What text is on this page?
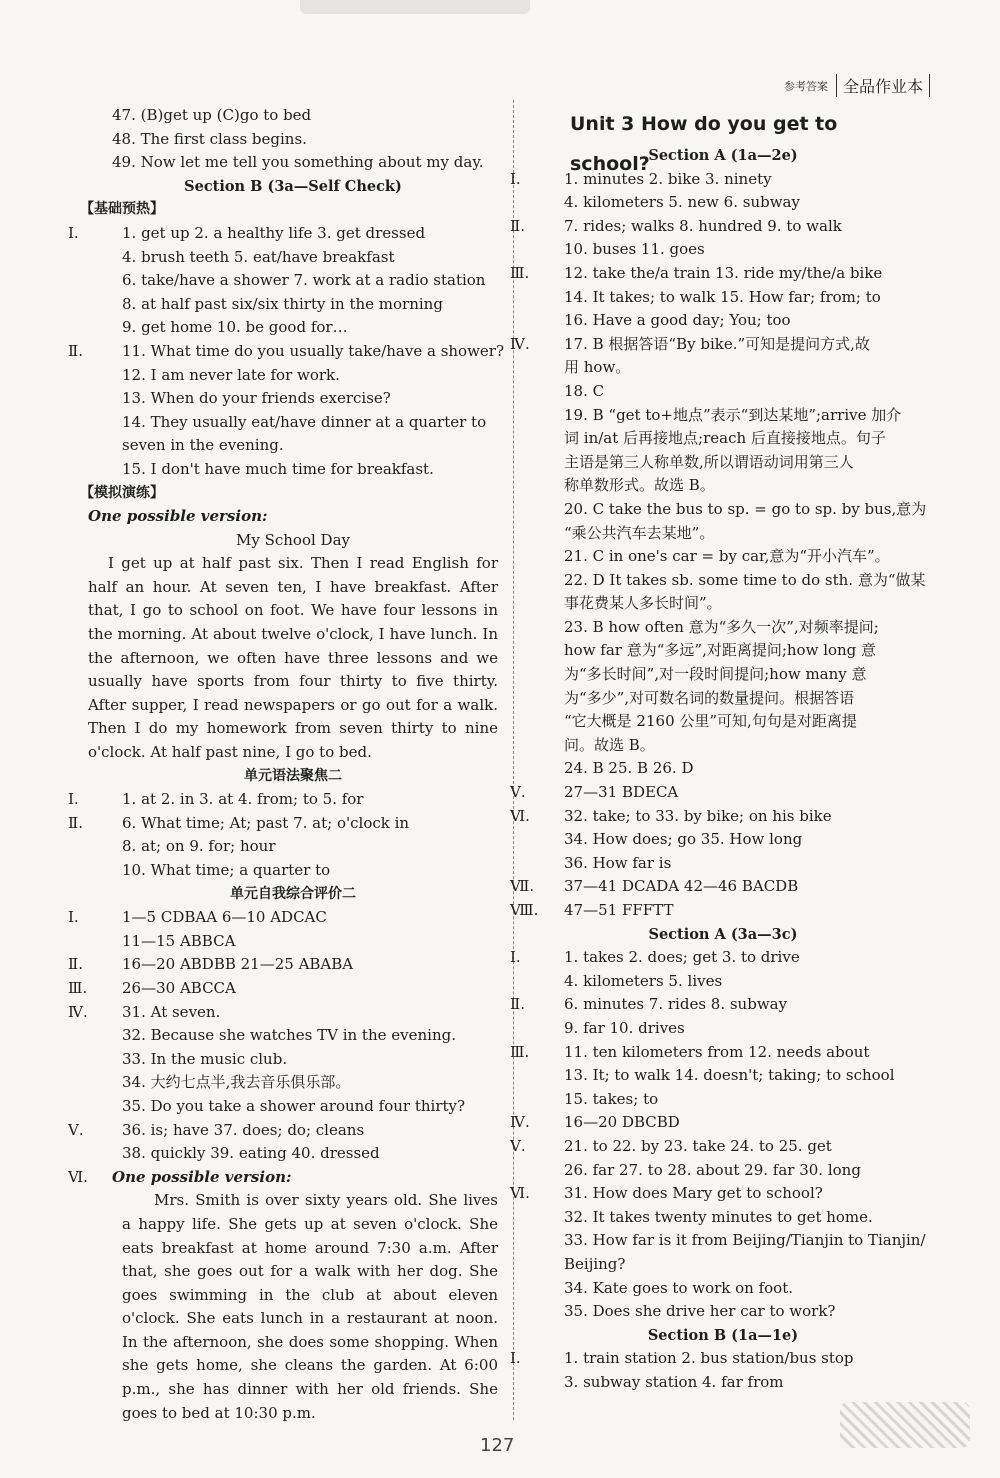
参考答案 全品作业本
47. (B)get up (C)go to bed
48. The first class begins.
49. Now let me tell you something about my day.
Section B (3a—Self Check)
【基础预热】
Ⅰ.	1. get up 2. a healthy life 3. get dressed
4. brush teeth 5. eat/have breakfast
6. take/have a shower 7. work at a radio station
8. at half past six/six thirty in the morning
9. get home 10. be good for…
Ⅱ.	11. What time do you usually take/have a shower?
12. I am never late for work.
13. When do your friends exercise?
14. They usually eat/have dinner at a quarter to
seven in the evening.
15. I don't have much time for breakfast.
【模拟演练】
One possible version:
My School Day
I get up at half past six. Then I read English for half an hour. At seven ten, I have breakfast. After that, I go to school on foot. We have four lessons in the morning. At about twelve o'clock, I have lunch. In the afternoon, we often have three lessons and we usually have sports from four thirty to five thirty. After supper, I read newspapers or go out for a walk. Then I do my homework from seven thirty to nine o'clock. At half past nine, I go to bed.
单元语法聚焦二
Ⅰ.	1. at 2. in 3. at 4. from; to 5. for
Ⅱ.	6. What time; At; past 7. at; o'clock in
8. at; on 9. for; hour
10. What time; a quarter to
单元自我综合评价二
Ⅰ.	1—5 CDBAA 6—10 ADCAC
11—15 ABBCA
Ⅱ.	16—20 ABDBB 21—25 ABABA
Ⅲ. 26—30 ABCCA
Ⅳ. 31. At seven.
32. Because she watches TV in the evening.
33. In the music club.
34. 大约七点半,我去音乐俱乐部。
35. Do you take a shower around four thirty?
Ⅴ.	36. is; have 37. does; do; cleans
38. quickly 39. eating 40. dressed
Ⅵ. One possible version:
Mrs. Smith is over sixty years old. She lives a happy life. She gets up at seven o'clock. She eats breakfast at home around 7:30 a.m. After that, she goes out for a walk with her dog. She goes swimming in the club at about eleven o'clock. She eats lunch in a restaurant at noon. In the afternoon, she does some shopping. When she gets home, she cleans the garden. At 6:00 p.m., she has dinner with her old friends. She goes to bed at 10:30 p.m.
Unit 3 How do you get to school?
Section A (1a—2e)
Ⅰ.	1. minutes 2. bike 3. ninety
4. kilometers 5. new 6. subway
Ⅱ.	7. rides; walks 8. hundred 9. to walk
10. buses 11. goes
Ⅲ. 12. take the/a train 13. ride my/the/a bike
14. It takes; to walk 15. How far; from; to
16. Have a good day; You; too
Ⅳ. 17. B 根据答语“By bike.”可知是提问方式,故
用 how。
18. C
19. B “get to+地点”表示“到达某地”;arrive 加介
词 in/at 后再接地点;reach 后直接接地点。句子
主语是第三人称单数,所以谓语动词用第三人
称单数形式。故选 B。
20. C take the bus to sp. = go to sp. by bus,意为
“乘公共汽车去某地”。
21. C in one's car = by car,意为“开小汽车”。
22. D It takes sb. some time to do sth. 意为“做某
事花费某人多长时间”。
23. B how often 意为“多久一次”,对频率提问;
how far 意为“多远”,对距离提问;how long 意
为“多长时间”,对一段时间提问;how many 意
为“多少”,对可数名词的数量提问。根据答语
“它大概是 2160 公里”可知,句句是对距离提
问。故选 B。
24. B 25. B 26. D
Ⅴ.	27—31 BDECA
Ⅵ. 32. take; to 33. by bike; on his bike
34. How does; go 35. How long
36. How far is
Ⅶ. 37—41 DCADA 42—46 BACDB
Ⅷ. 47—51 FFFTT
Section A (3a—3c)
Ⅰ.	1. takes 2. does; get 3. to drive
4. kilometers 5. lives
Ⅱ.	6. minutes 7. rides 8. subway
9. far 10. drives
Ⅲ. 11. ten kilometers from 12. needs about
13. It; to walk 14. doesn't; taking; to school
15. takes; to
Ⅳ. 16—20 DBCBD
Ⅴ.	21. to 22. by 23. take 24. to 25. get
26. far 27. to 28. about 29. far 30. long
Ⅵ. 31. How does Mary get to school?
32. It takes twenty minutes to get home.
33. How far is it from Beijing/Tianjin to Tianjin/
Beijing?
34. Kate goes to work on foot.
35. Does she drive her car to work?
Section B (1a—1e)
Ⅰ.	1. train station 2. bus station/bus stop
3. subway station 4. far from
127
